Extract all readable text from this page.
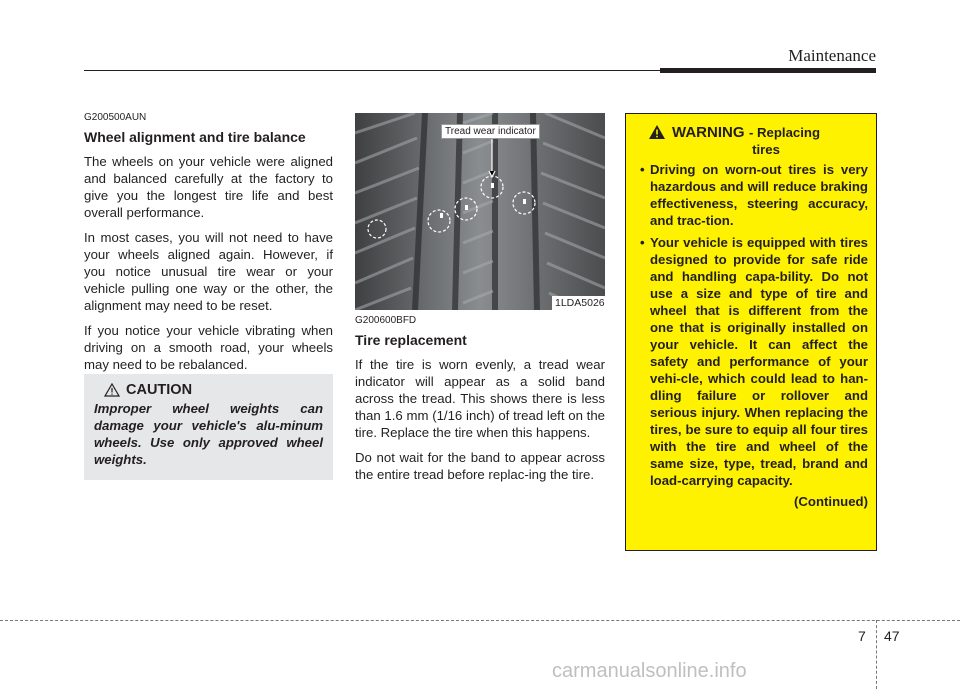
Maintenance
G200500AUN
Wheel alignment and tire balance

The wheels on your vehicle were aligned and balanced carefully at the factory to give you the longest tire life and best overall performance.

In most cases, you will not need to have your wheels aligned again. However, if you notice unusual tire wear or your vehicle pulling one way or the other, the alignment may need to be reset.

If you notice your vehicle vibrating when driving on a smooth road, your wheels may need to be rebalanced.

CAUTION
Improper wheel weights can damage your vehicle's alu-minum wheels. Use only approved wheel weights.
Tread wear indicator
1LDA5026
G200600BFD
Tire replacement

If the tire is worn evenly, a tread wear indicator will appear as a solid band across the tread. This shows there is less than 1.6 mm (1/16 inch) of tread left on the tire. Replace the tire when this happens.

Do not wait for the band to appear across the entire tread before replac-ing the tire.

WARNING - Replacing
tires
• Driving on worn-out tires is very hazardous and will reduce braking effectiveness, steering accuracy, and trac-tion.
• Your vehicle is equipped with tires designed to provide for safe ride and handling capa-bility. Do not use a size and type of tire and wheel that is different from the one that is originally installed on your vehicle. It can affect the safety and performance of your vehi-cle, which could lead to han-dling failure or rollover and serious injury. When replacing the tires, be sure to equip all four tires with the tire and wheel of the same size, type, tread, brand and load-carrying capacity.
(Continued)
7 47
carmanualsonline.info
